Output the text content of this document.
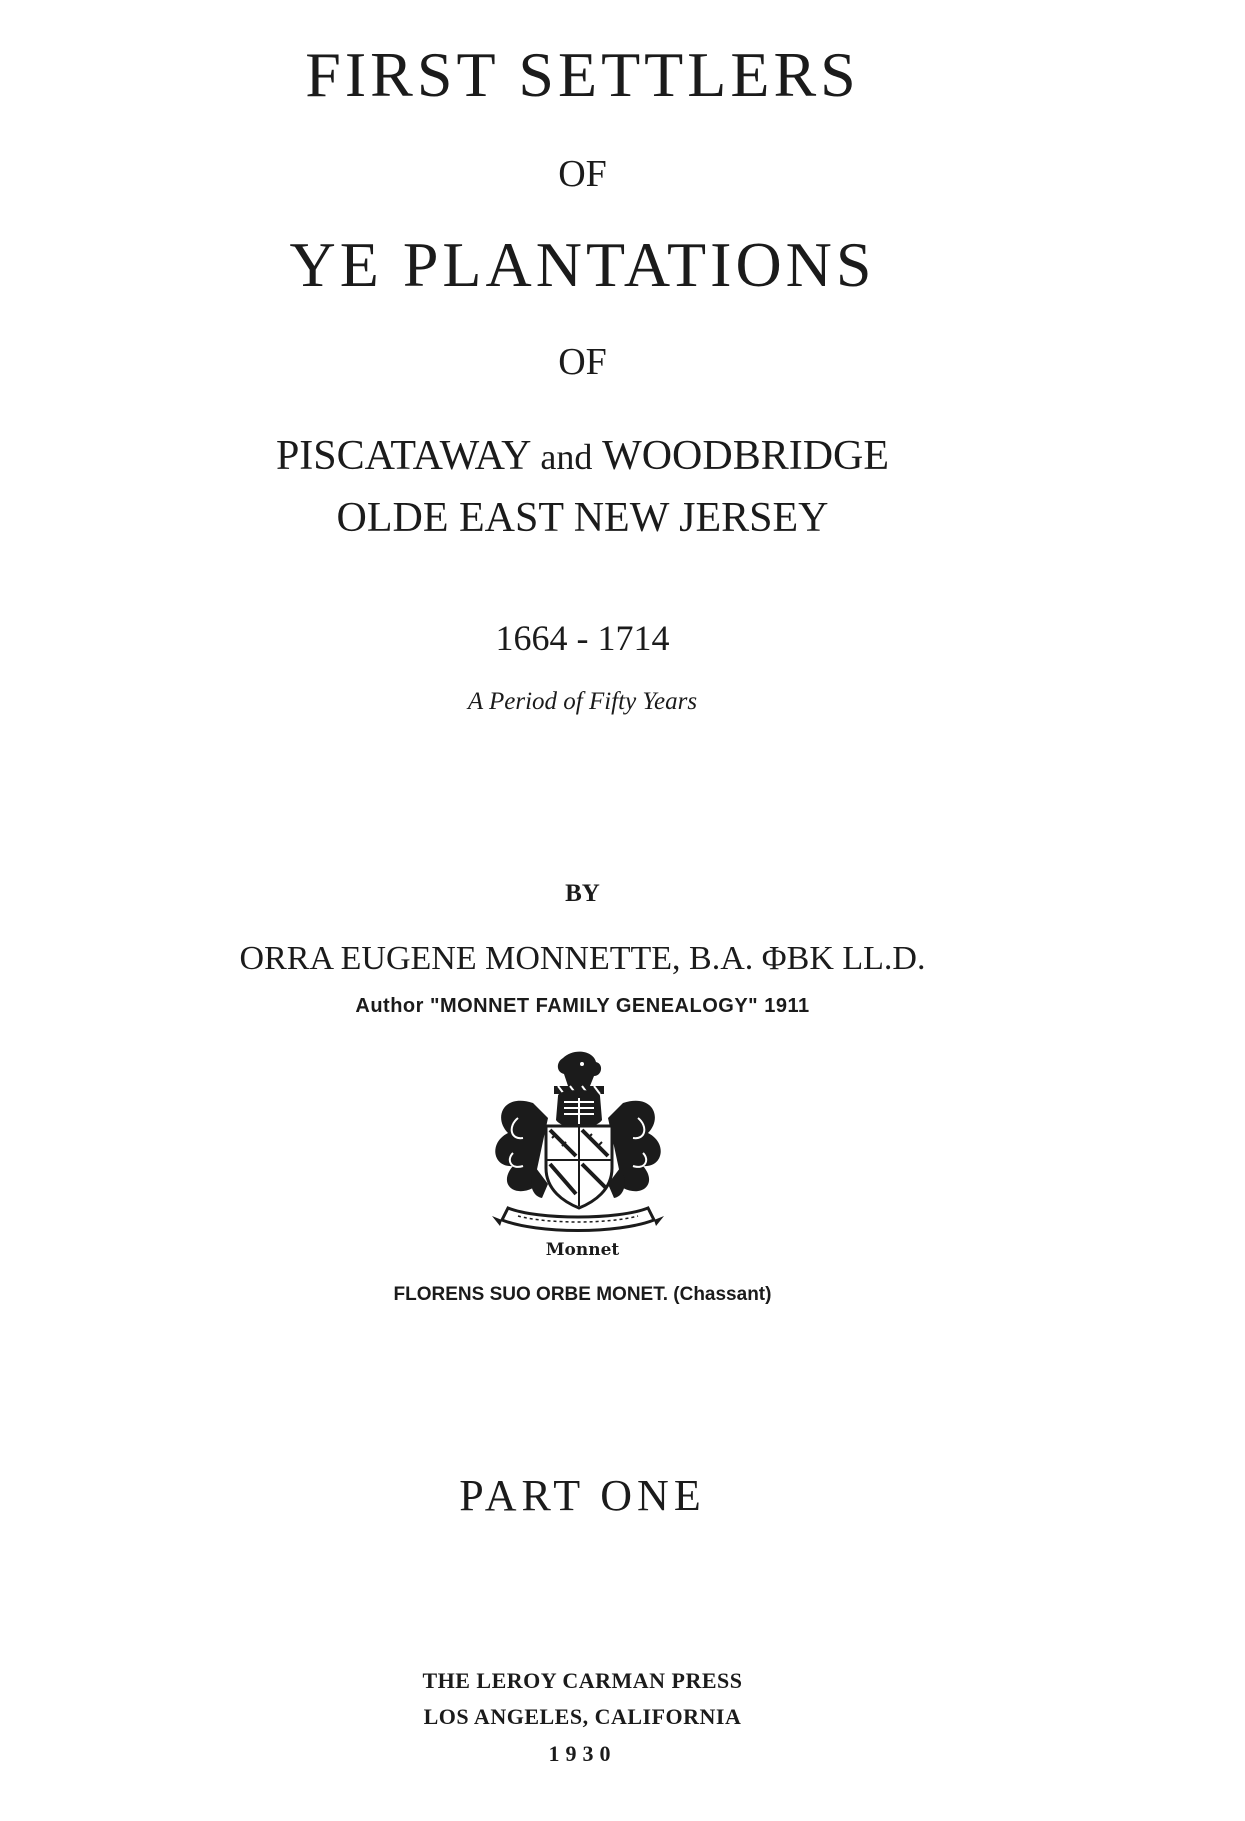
FIRST SETTLERS
OF
YE PLANTATIONS
OF
PISCATAWAY and WOODBRIDGE
OLDE EAST NEW JERSEY
1664 - 1714
A Period of Fifty Years
BY
ORRA EUGENE MONNETTE, B.A. ΦBK LL.D.
Author "MONNET FAMILY GENEALOGY" 1911
Monnet
FLORENS SUO ORBE MONET. (Chassant)
PART ONE
THE LEROY CARMAN PRESS
LOS ANGELES, CALIFORNIA
1930
